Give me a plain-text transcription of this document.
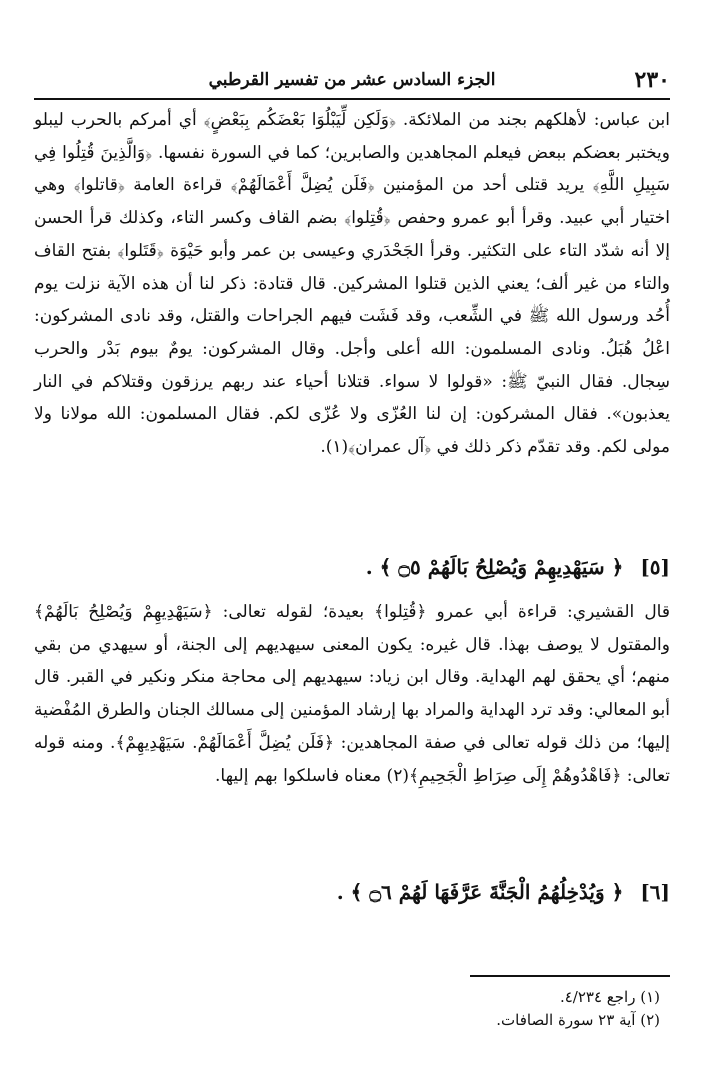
٢٣٠
الجزء السادس عشر من تفسير القرطبي

ابن عباس: لأهلكهم بجند من الملائكة. ﴿وَلَكِن لِّيَبْلُوَا بَعْضَكُم بِبَعْضٍ﴾ أي أمركم بالحرب ليبلو ويختبر بعضكم ببعض فيعلم المجاهدين والصابرين؛ كما في السورة نفسها. ﴿وَالَّذِينَ قُتِلُوا فِي سَبِيلِ اللَّهِ﴾ يريد قتلى أحد من المؤمنين ﴿فَلَن يُضِلَّ أَعْمَالَهُمْ﴾ قراءة العامة ﴿قاتلوا﴾ وهي اختيار أبي عبيد. وقرأ أبو عمرو وحفص ﴿قُتِلوا﴾ بضم القاف وكسر التاء، وكذلك قرأ الحسن إلا أنه شدّد التاء على التكثير. وقرأ الجَحْدَري وعيسى بن عمر وأبو حَيْوَة ﴿قَتَلوا﴾ بفتح القاف والتاء من غير ألف؛ يعني الذين قتلوا المشركين. قال قتادة: ذكر لنا أن هذه الآية نزلت يوم أُحُد ورسول الله ﷺ في الشِّعب، وقد فَشَت فيهم الجراحات والقتل، وقد نادى المشركون: اعْلُ هُبَلُ. ونادى المسلمون: الله أعلى وأجل. وقال المشركون: يومٌ بيوم بَدْر والحرب سِجال. فقال النبيّ ﷺ: «قولوا لا سواء. قتلانا أحياء عند ربهم يرزقون وقتلاكم في النار يعذبون». فقال المشركون: إن لنا العُزّى ولا عُزّى لكم. فقال المسلمون: الله مولانا ولا مولى لكم. وقد تقدّم ذكر ذلك في ﴿آل عمران﴾(١).

[٥] ﴿ سَيَهْدِيهِمْ وَيُصْلِحُ بَالَهُمْ ۝٥ ﴾ .

قال القشيري: قراءة أبي عمرو ﴿قُتِلوا﴾ بعيدة؛ لقوله تعالى: ﴿سَيَهْدِيهِمْ وَيُصْلِحُ بَالَهُمْ﴾ والمقتول لا يوصف بهذا. قال غيره: يكون المعنى سيهديهم إلى الجنة، أو سيهدي من بقي منهم؛ أي يحقق لهم الهداية. وقال ابن زياد: سيهديهم إلى محاجة منكر ونكير في القبر. قال أبو المعالي: وقد ترد الهداية والمراد بها إرشاد المؤمنين إلى مسالك الجنان والطرق المُفْضية إليها؛ من ذلك قوله تعالى في صفة المجاهدين: ﴿فَلَن يُضِلَّ أَعْمَالَهُمْ. سَيَهْدِيهِمْ﴾. ومنه قوله تعالى: ﴿فَاهْدُوهُمْ إِلَى صِرَاطِ الْجَحِيمِ﴾(٢) معناه فاسلكوا بهم إليها.

[٦] ﴿ وَيُدْخِلُهُمُ الْجَنَّةَ عَرَّفَهَا لَهُمْ ۝٦ ﴾ .

(١) راجع ٤/٢٣٤.

(٢) آية ٢٣ سورة الصافات.
